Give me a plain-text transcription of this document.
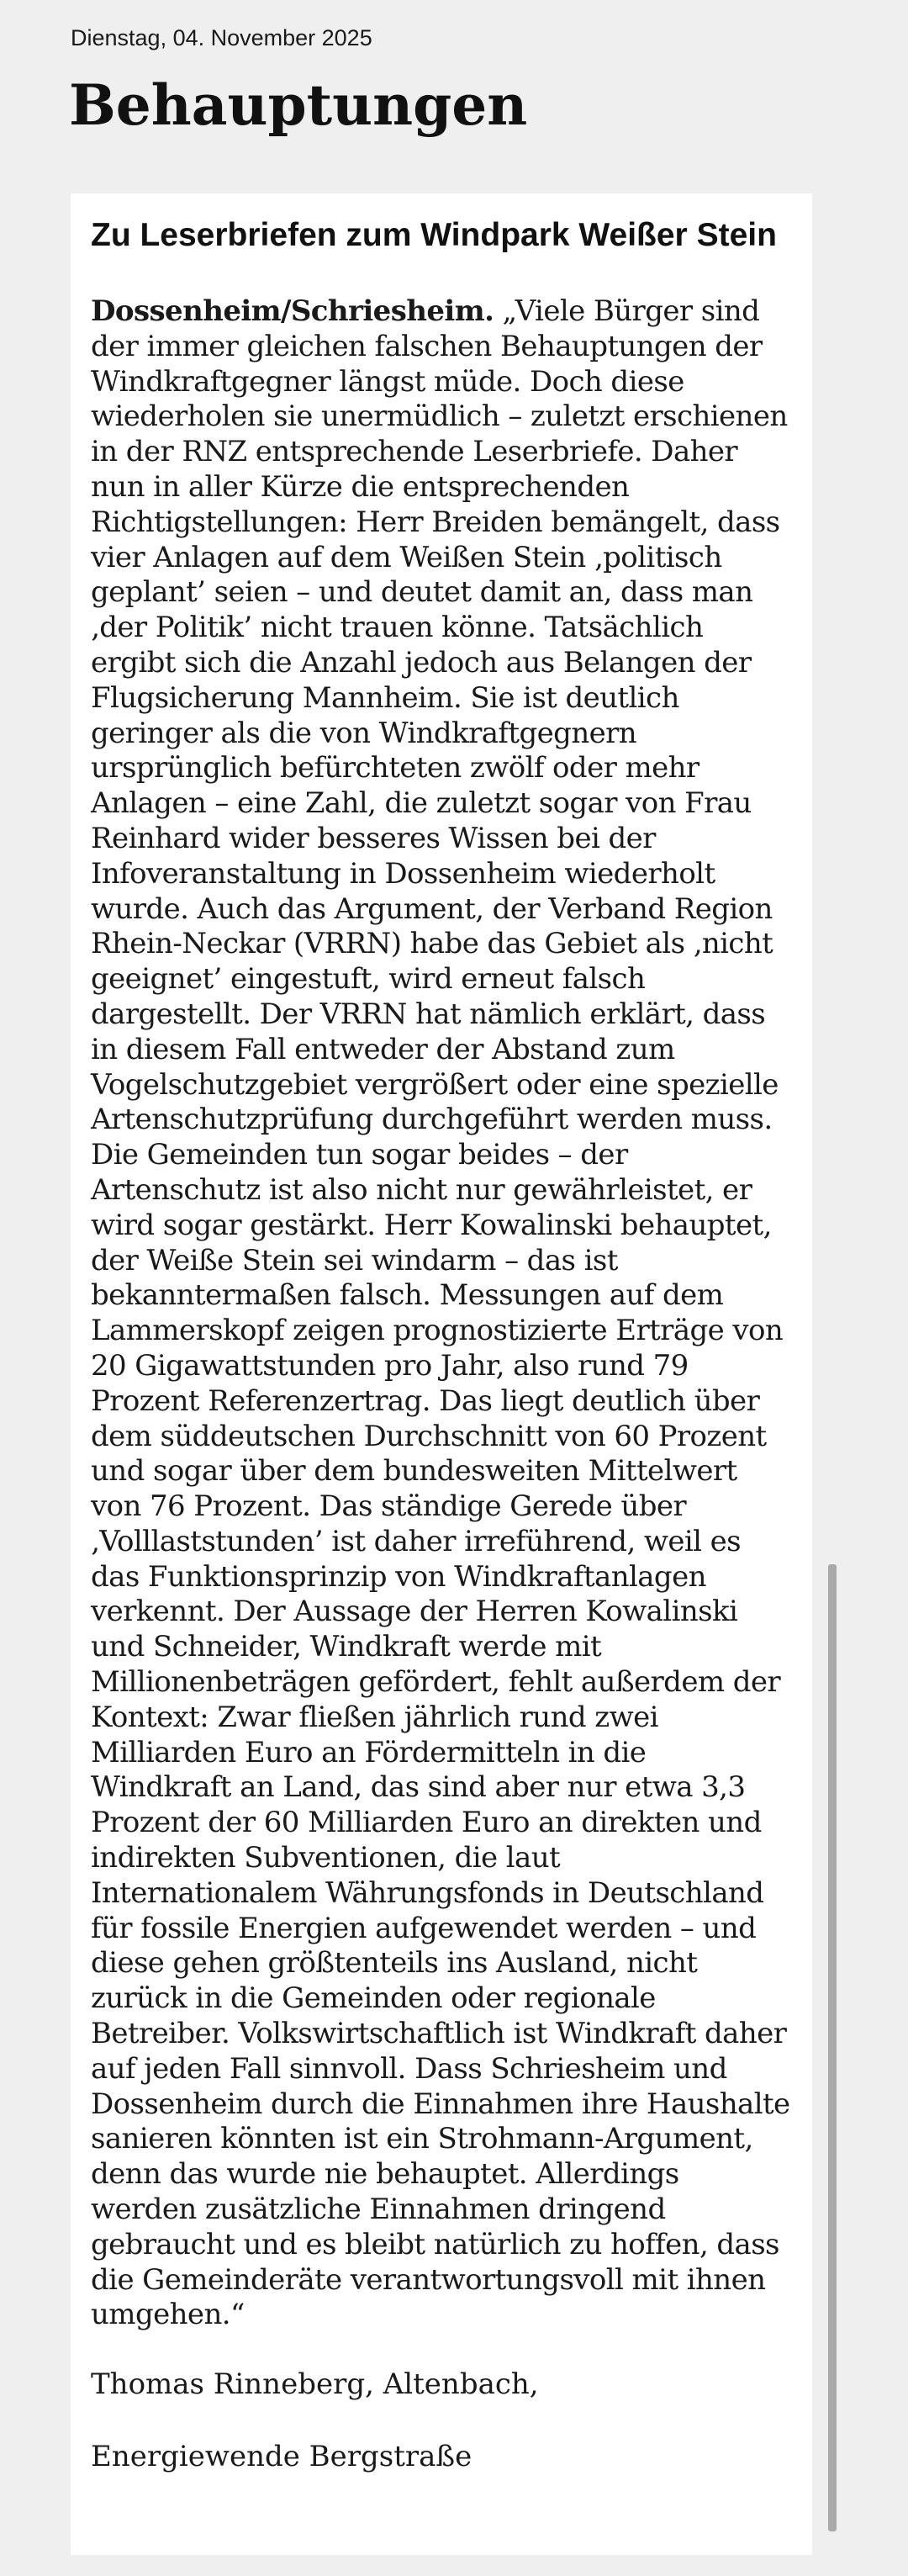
Dienstag, 04. November 2025

Behauptungen
Zu Leserbriefen zum Windpark Weißer Stein

Dossenheim/Schriesheim. „Viele Bürger sind der immer gleichen falschen Behauptungen der Windkraftgegner längst müde. Doch diese wiederholen sie unermüdlich – zuletzt erschienen in der RNZ entsprechende Leserbriefe. Daher nun in aller Kürze die entsprechenden Richtigstellungen: Herr Breiden bemängelt, dass vier Anlagen auf dem Weißen Stein ‚politisch geplant’ seien – und deutet damit an, dass man ‚der Politik’ nicht trauen könne. Tatsächlich ergibt sich die Anzahl jedoch aus Belangen der Flugsicherung Mannheim. Sie ist deutlich geringer als die von Windkraftgegnern ursprünglich befürchteten zwölf oder mehr Anlagen – eine Zahl, die zuletzt sogar von Frau Reinhard wider besseres Wissen bei der Infoveranstaltung in Dossenheim wiederholt wurde. Auch das Argument, der Verband Region Rhein-Neckar (VRRN) habe das Gebiet als ‚nicht geeignet’ eingestuft, wird erneut falsch dargestellt. Der VRRN hat nämlich erklärt, dass in diesem Fall entweder der Abstand zum Vogelschutzgebiet vergrößert oder eine spezielle Artenschutzprüfung durchgeführt werden muss. Die Gemeinden tun sogar beides – der Artenschutz ist also nicht nur gewährleistet, er wird sogar gestärkt. Herr Kowalinski behauptet, der Weiße Stein sei windarm – das ist bekanntermaßen falsch. Messungen auf dem Lammerskopf zeigen prognostizierte Erträge von 20 Gigawattstunden pro Jahr, also rund 79 Prozent Referenzertrag. Das liegt deutlich über dem süddeutschen Durchschnitt von 60 Prozent und sogar über dem bundesweiten Mittelwert von 76 Prozent. Das ständige Gerede über ‚Volllaststunden’ ist daher irreführend, weil es das Funktionsprinzip von Windkraftanlagen verkennt. Der Aussage der Herren Kowalinski und Schneider, Windkraft werde mit Millionenbeträgen gefördert, fehlt außerdem der Kontext: Zwar fließen jährlich rund zwei Milliarden Euro an Fördermitteln in die Windkraft an Land, das sind aber nur etwa 3,3 Prozent der 60 Milliarden Euro an direkten und indirekten Subventionen, die laut Internationalem Währungsfonds in Deutschland für fossile Energien aufgewendet werden – und diese gehen größtenteils ins Ausland, nicht zurück in die Gemeinden oder regionale Betreiber. Volkswirtschaftlich ist Windkraft daher auf jeden Fall sinnvoll. Dass Schriesheim und Dossenheim durch die Einnahmen ihre Haushalte sanieren könnten ist ein Strohmann-Argument, denn das wurde nie behauptet. Allerdings werden zusätzliche Einnahmen dringend gebraucht und es bleibt natürlich zu hoffen, dass die Gemeinderäte verantwortungsvoll mit ihnen umgehen.“

Thomas Rinneberg, Altenbach,

Energiewende Bergstraße
